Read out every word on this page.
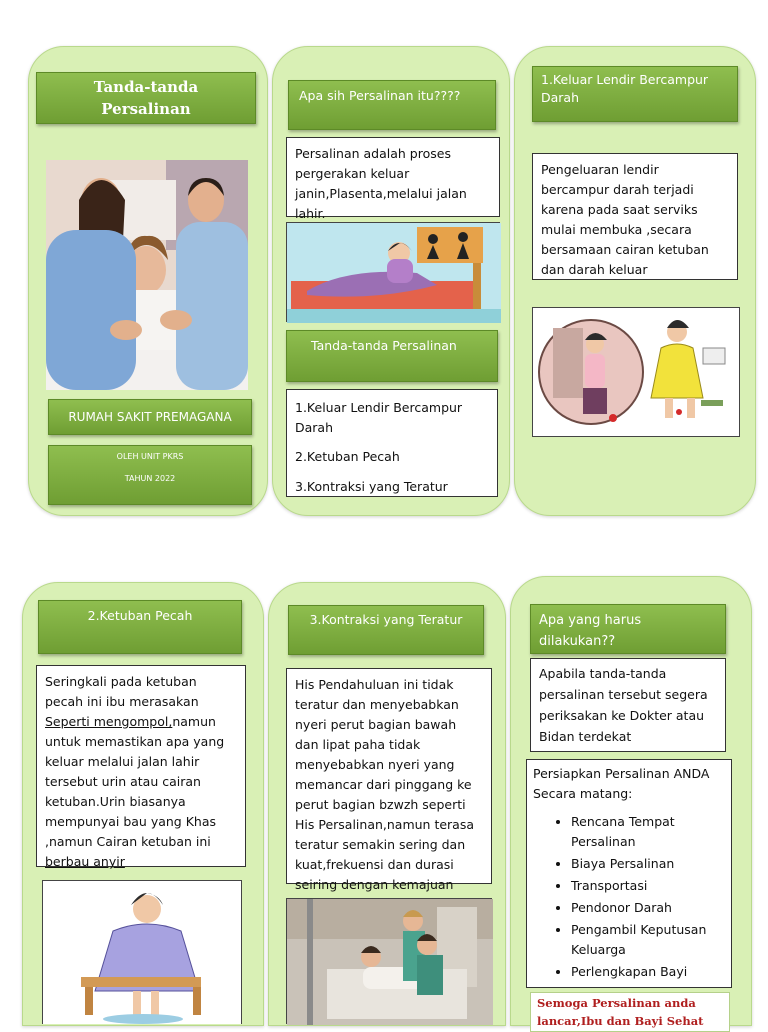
Tanda-tanda
Persalinan
RUMAH SAKIT PREMAGANA
OLEH UNIT PKRS
TAHUN 2022
Apa sih Persalinan itu????
Persalinan adalah proses pergerakan keluar janin,Plasenta,melalui jalan lahir.
Tanda-tanda Persalinan
1.Keluar Lendir Bercampur Darah
2.Ketuban Pecah
3.Kontraksi yang Teratur
1.Keluar Lendir Bercampur Darah
Pengeluaran lendir bercampur darah terjadi karena pada saat serviks mulai membuka ,secara bersamaan cairan ketuban dan darah keluar
2.Ketuban Pecah
Seringkali pada ketuban pecah ini ibu merasakan Seperti mengompol,namun untuk memastikan apa yang keluar melalui jalan lahir tersebut urin atau cairan ketuban.Urin biasanya mempunyai bau yang Khas ,namun Cairan ketuban ini berbau anyir
3.Kontraksi yang Teratur
His Pendahuluan ini tidak teratur dan menyebabkan nyeri perut bagian bawah dan lipat paha tidak menyebabkan nyeri yang memancar dari pinggang ke perut bagian bzwzh seperti His Persalinan,namun terasa teratur semakin sering dan kuat,frekuensi dan durasi seiring dengan kemajuan
Apa yang harus dilakukan??
Apabila tanda-tanda persalinan tersebut segera periksakan ke Dokter atau Bidan terdekat
Persiapkan Persalinan ANDA Secara matang:
• Rencana Tempat Persalinan
• Biaya Persalinan
• Transportasi
• Pendonor Darah
• Pengambil Keputusan Keluarga
• Perlengkapan Bayi
Semoga Persalinan anda lancar,Ibu dan Bayi Sehat
